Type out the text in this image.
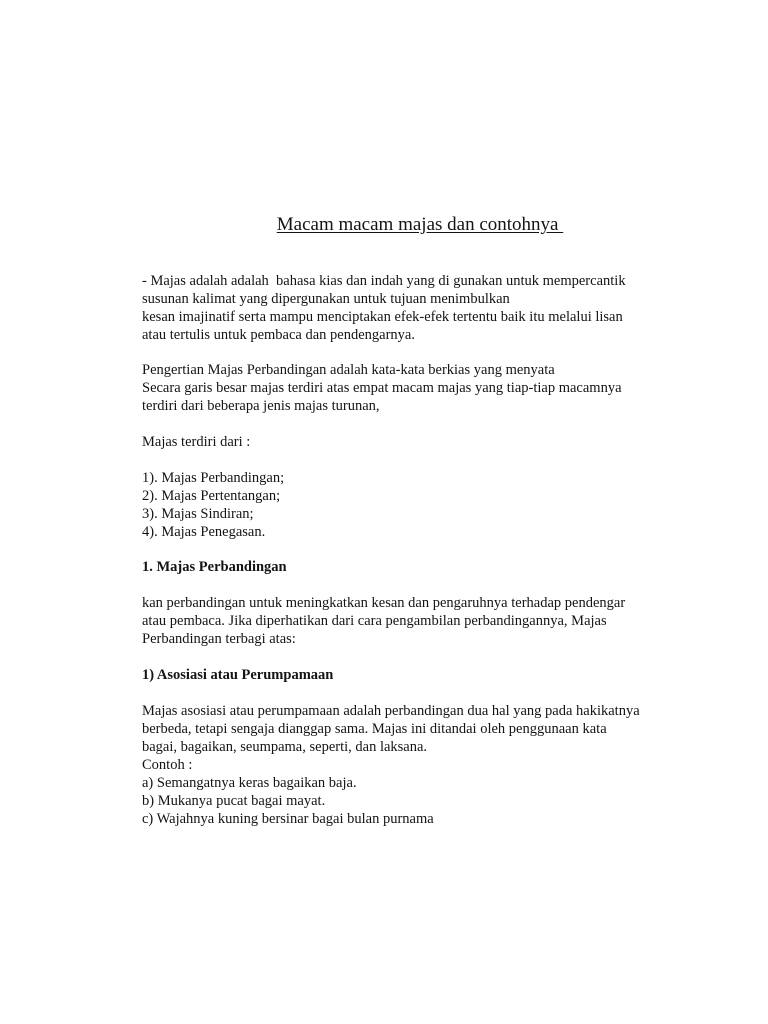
Macam macam majas dan contohnya
- Majas adalah adalah  bahasa kias dan indah yang di gunakan untuk mempercantik
susunan kalimat yang dipergunakan untuk tujuan menimbulkan
kesan imajinatif serta mampu menciptakan efek-efek tertentu baik itu melalui lisan
atau tertulis untuk pembaca dan pendengarnya.
Pengertian Majas Perbandingan adalah kata-kata berkias yang menyata
Secara garis besar majas terdiri atas empat macam majas yang tiap-tiap macamnya
terdiri dari beberapa jenis majas turunan,
Majas terdiri dari :
1). Majas Perbandingan;
2). Majas Pertentangan;
3). Majas Sindiran;
4). Majas Penegasan.
1. Majas Perbandingan
kan perbandingan untuk meningkatkan kesan dan pengaruhnya terhadap pendengar
atau pembaca. Jika diperhatikan dari cara pengambilan perbandingannya, Majas
Perbandingan terbagi atas:
1) Asosiasi atau Perumpamaan
Majas asosiasi atau perumpamaan adalah perbandingan dua hal yang pada hakikatnya
berbeda, tetapi sengaja dianggap sama. Majas ini ditandai oleh penggunaan kata
bagai, bagaikan, seumpama, seperti, dan laksana.
Contoh :
a) Semangatnya keras bagaikan baja.
b) Mukanya pucat bagai mayat.
c) Wajahnya kuning bersinar bagai bulan purnama
